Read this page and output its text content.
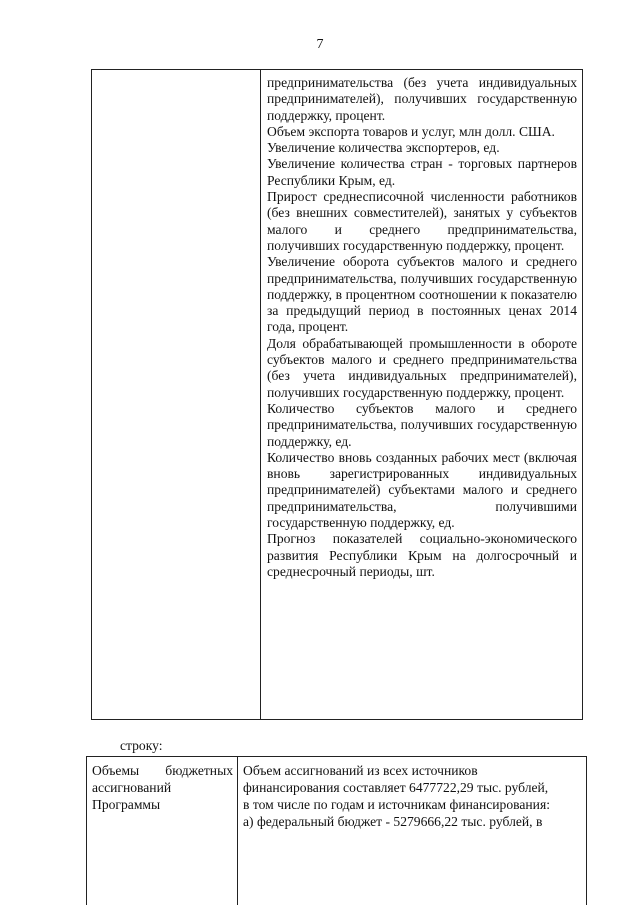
7

предпринимательства (без учета индивидуальных предпринимателей), получивших государственную поддержку, процент.

Объем экспорта товаров и услуг, млн долл. США.

Увеличение количества экспортеров, ед.

Увеличение количества стран - торговых партнеров Республики Крым, ед.

Прирост среднесписочной численности работников (без внешних совместителей), занятых у субъектов малого и среднего предпринимательства, получивших государственную поддержку, процент.

Увеличение оборота субъектов малого и среднего предпринимательства, получивших государственную поддержку, в процентном соотношении к показателю за предыдущий период в постоянных ценах 2014 года, процент.

Доля обрабатывающей промышленности в обороте субъектов малого и среднего предпринимательства (без учета индивидуальных предпринимателей), получивших государственную поддержку, процент.

Количество субъектов малого и среднего предпринимательства, получивших государственную поддержку, ед.

Количество вновь созданных рабочих мест (включая вновь зарегистрированных индивидуальных предпринимателей) субъектами малого и среднего предпринимательства, получившими государственную поддержку, ед.

Прогноз показателей социально-экономического развития Республики Крым на долгосрочный и среднесрочный периоды, шт.

строку:

Объемы бюджетных ассигнований Программы

Объем ассигнований из всех источников

финансирования составляет 6477722,29 тыс. рублей,

в том числе по годам и источникам финансирования:

а) федеральный бюджет - 5279666,22 тыс. рублей, в
